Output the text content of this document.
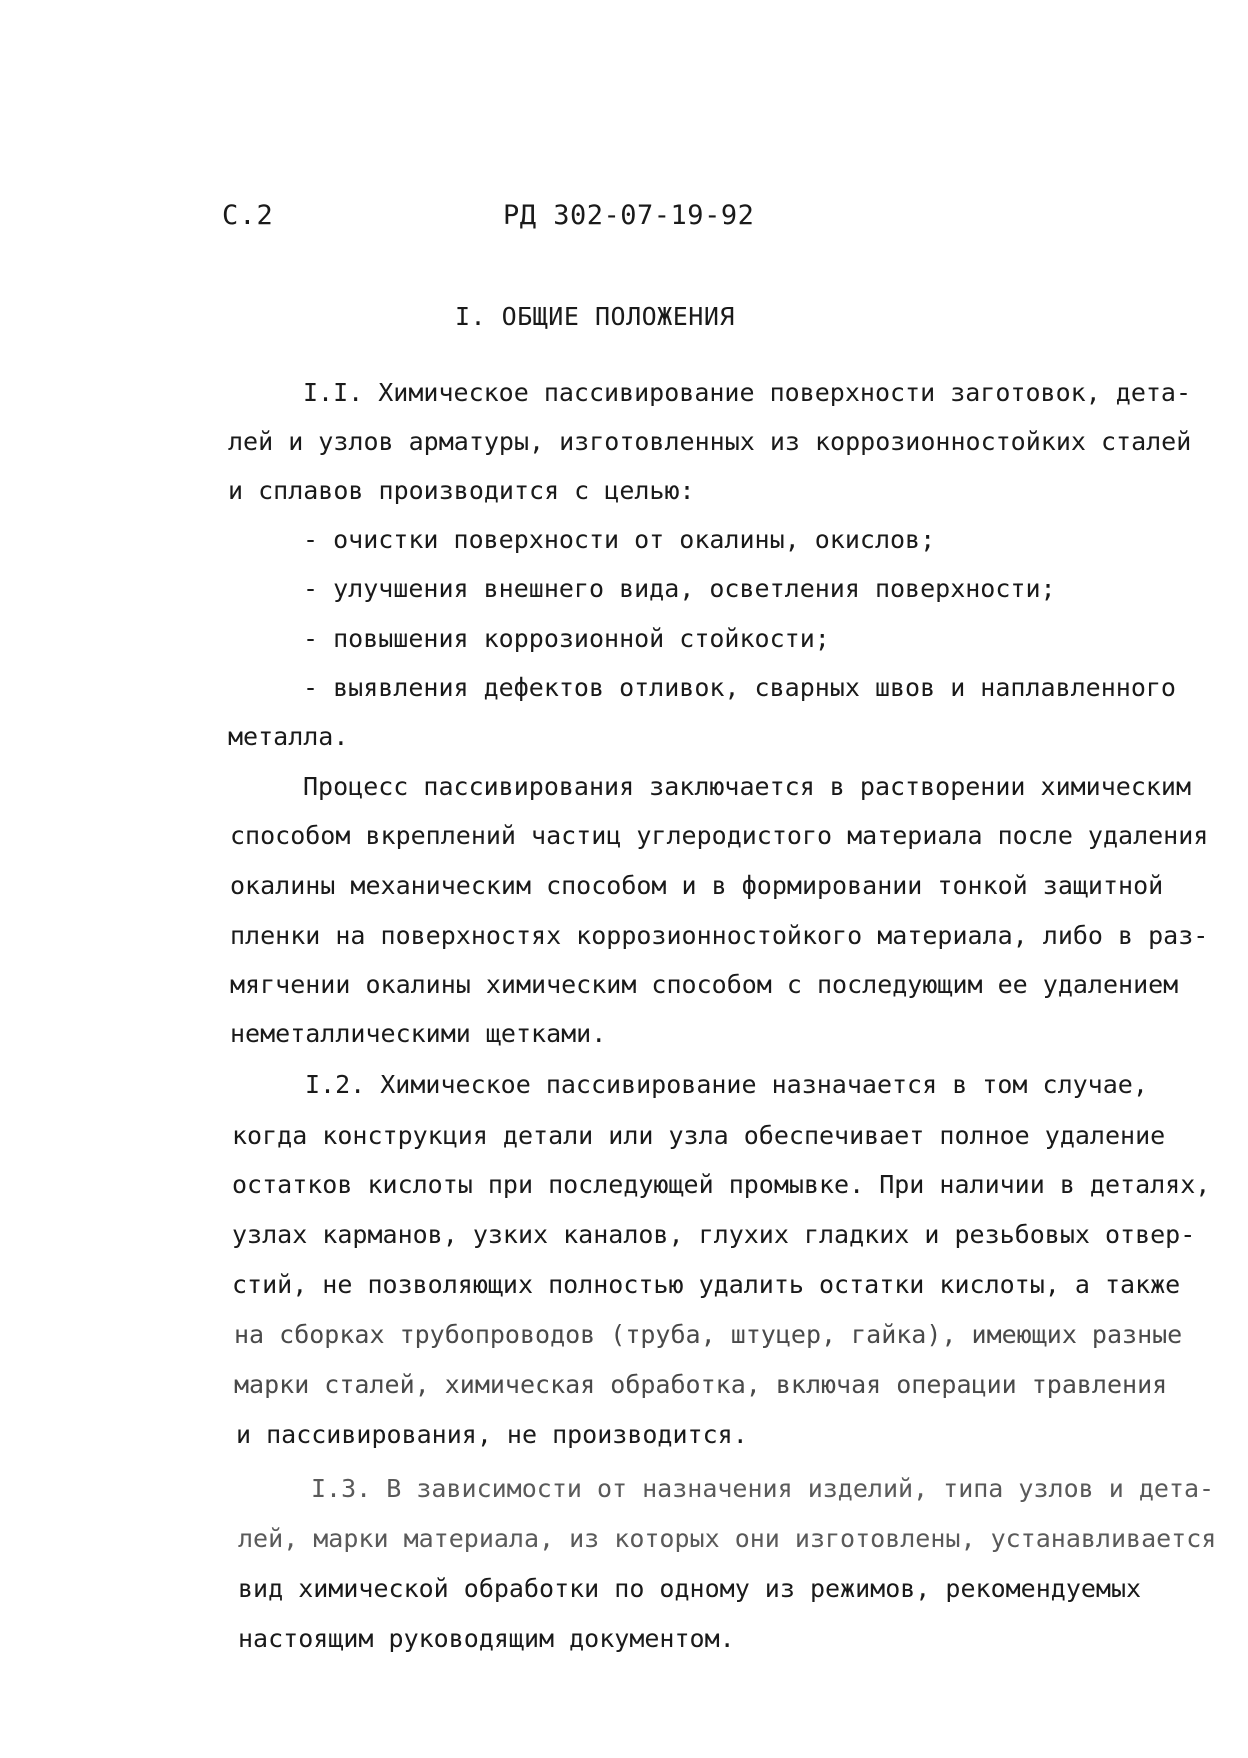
С.2	РД 302-07-19-92
I. ОБЩИЕ ПОЛОЖЕНИЯ
I.I. Химическое пассивирование поверхности заготовок, дета-
лей и узлов арматуры, изготовленных из коррозионностойких сталей
и сплавов производится с целью:
- очистки поверхности от окалины, окислов;
- улучшения внешнего вида, осветления поверхности;
- повышения коррозионной стойкости;
- выявления дефектов отливок, сварных швов и наплавленного
металла.
Процесс пассивирования заключается в растворении химическим
способом вкреплений частиц углеродистого материала после удаления
окалины механическим способом и в формировании тонкой защитной
пленки на поверхностях коррозионностойкого материала, либо в раз-
мягчении окалины химическим способом с последующим ее удалением
неметаллическими щетками.
I.2. Химическое пассивирование назначается в том случае,
когда конструкция детали или узла обеспечивает полное удаление
остатков кислоты при последующей промывке. При наличии в деталях,
узлах карманов, узких каналов, глухих гладких и резьбовых отвер-
стий, не позволяющих полностью удалить остатки кислоты, а также
на сборках трубопроводов (труба, штуцер, гайка), имеющих разные
марки сталей, химическая обработка, включая операции травления
и пассивирования, не производится.
I.3. В зависимости от назначения изделий, типа узлов и дета-
лей, марки материала, из которых они изготовлены, устанавливается
вид химической обработки по одному из режимов, рекомендуемых
настоящим руководящим документом.
